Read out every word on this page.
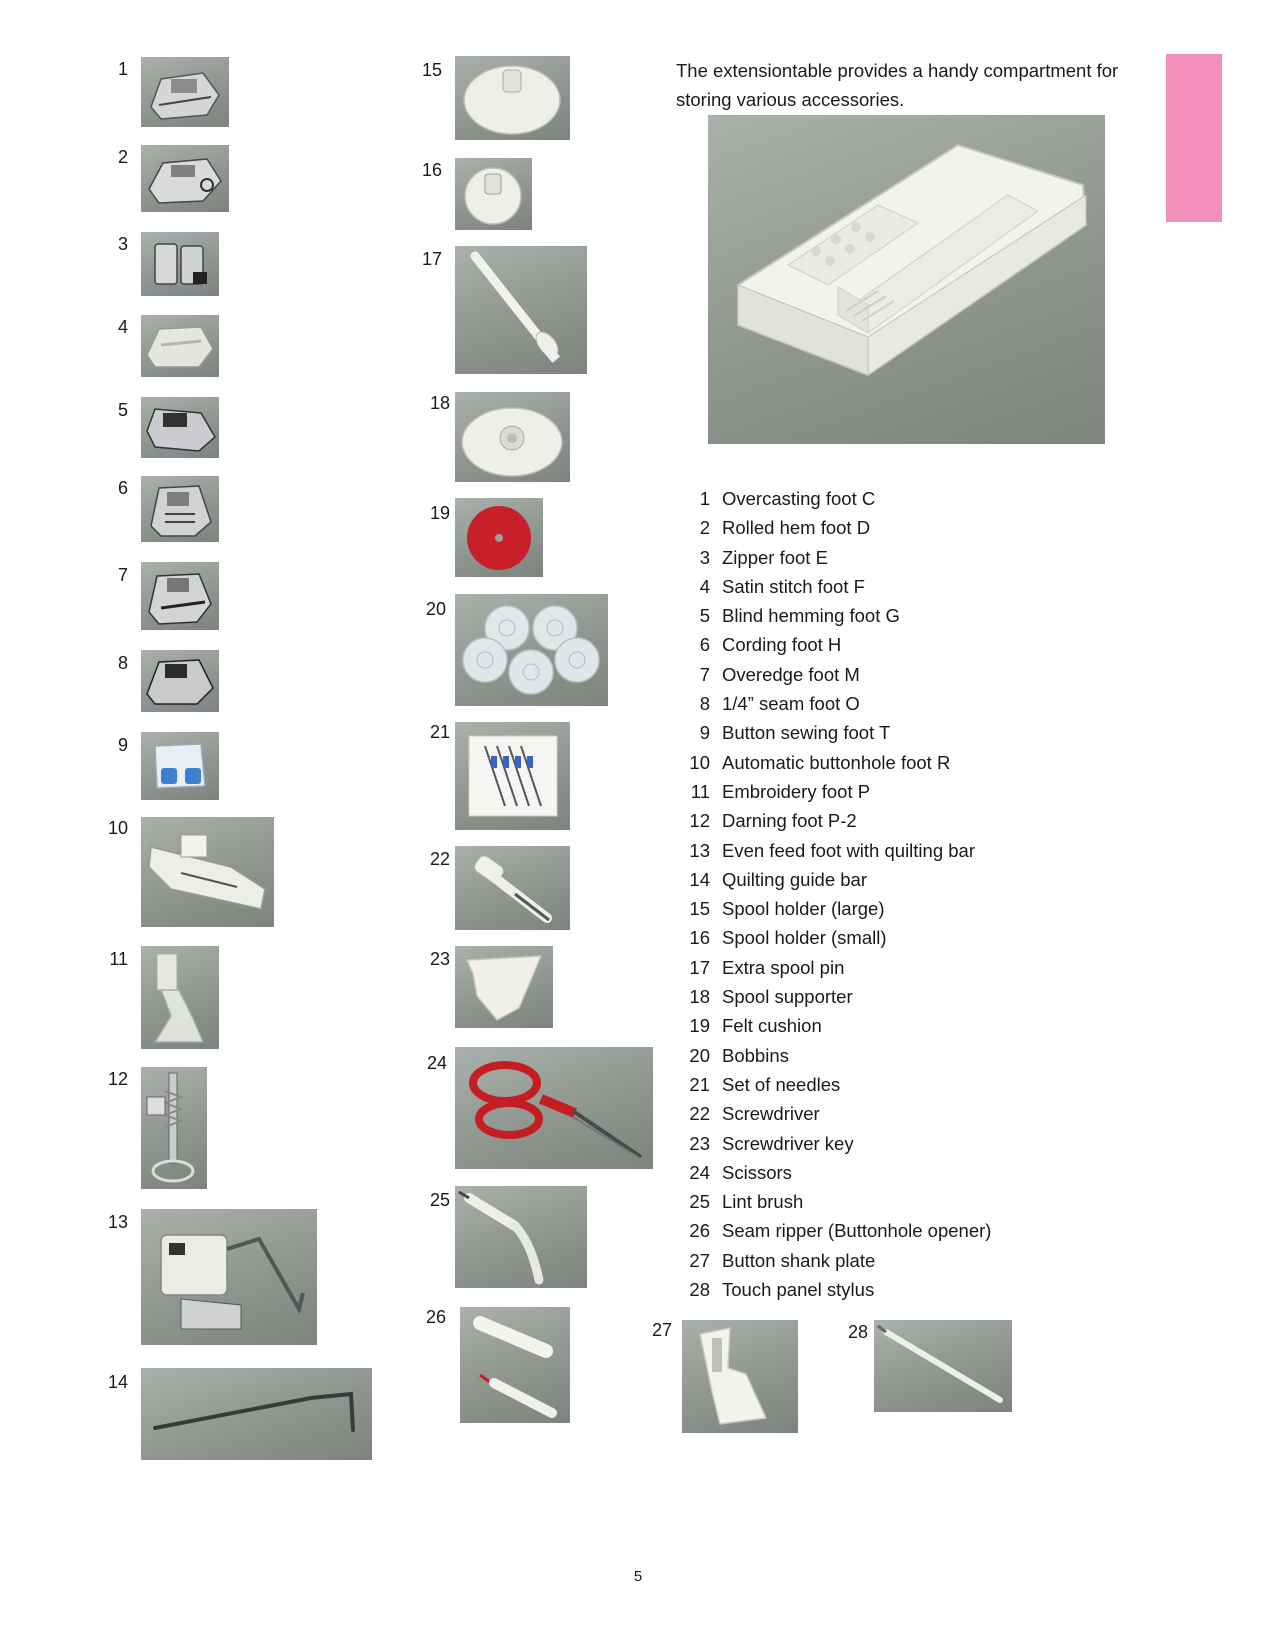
1
2
3
4
5
6
7
8
9
10
11
12
13
14
15
16
17
18
19
20
21
22
23
24
25
26
27	28

The extensiontable provides a handy compartment for storing various accessories.

1 Overcasting foot C
2 Rolled hem foot D
3 Zipper foot E
4 Satin stitch foot F
5 Blind hemming foot G
6 Cording foot H
7 Overedge foot M
8 1/4” seam foot O
9 Button sewing foot T
10 Automatic buttonhole foot R
11 Embroidery foot P
12 Darning foot P-2
13 Even feed foot with quilting bar
14 Quilting guide bar
15 Spool holder (large)
16 Spool holder (small)
17 Extra spool pin
18 Spool supporter
19 Felt cushion
20 Bobbins
21 Set of needles
22 Screwdriver
23 Screwdriver key
24 Scissors
25 Lint brush
26 Seam ripper (Buttonhole opener)
27 Button shank plate
28 Touch panel stylus
5
